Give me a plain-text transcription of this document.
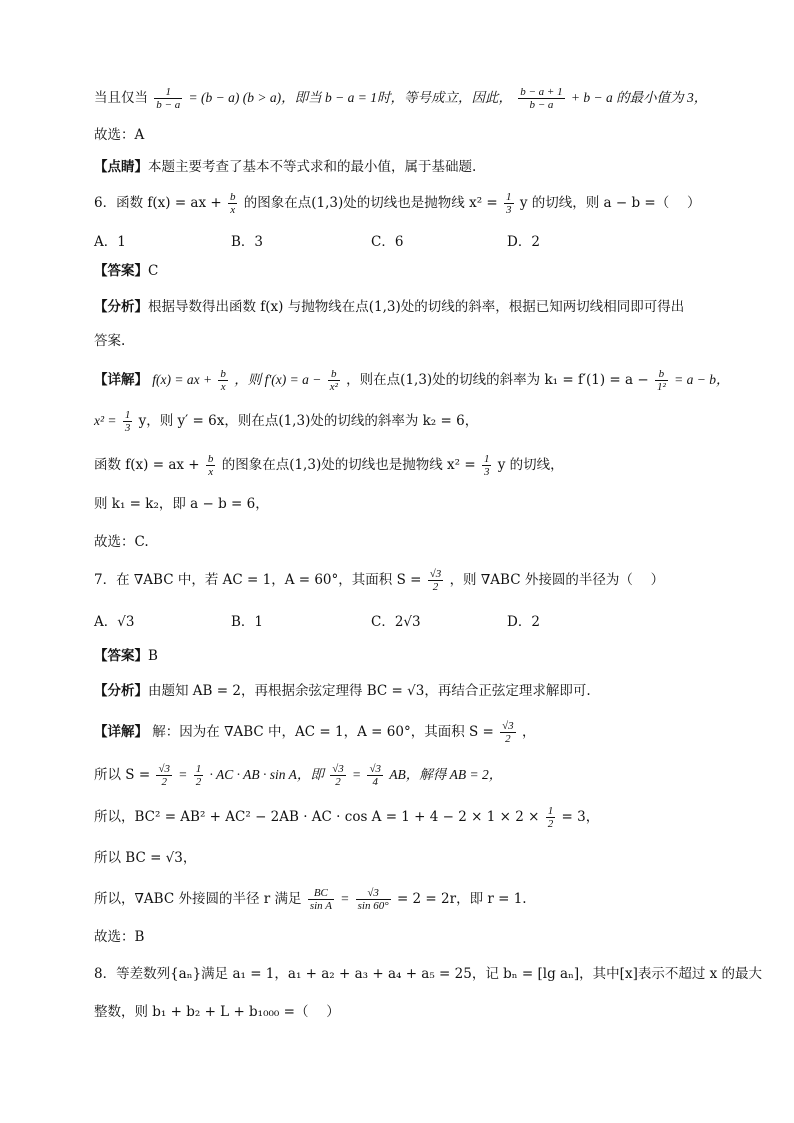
当且仅当 $\frac{1}{b - a} = (b - a) (b > a)$，即当 b − a = 1时，等号成立，因此， $\frac{b - a + 1}{b - a} + b - a$ 的最小值为 3，
故选：A
【点睛】本题主要考查了基本不等式求和的最小值，属于基础题.
6．函数 f(x) = ax + $\frac{b}{x}$ 的图象在点(1,3)处的切线也是抛物线 $x^2 = \frac{1}{3}$ y 的切线，则 a − b =（　 ）
A．1	B．3	C．6	D．2
【答案】C
【分析】根据导数得出函数 f(x) 与抛物线在点(1,3)处的切线的斜率，根据已知两切线相同即可得出
答案.
【详解】 f(x) = ax + $\frac{b}{x}$ ，则 $f'(x) = a - \frac{b}{\text{x²}}$ ，则在点(1,3)处的切线的斜率为 $k_1 = f'(1) = a - \frac{b}{\text{1²}} = a - b$，
$x^2 = \frac{1}{3}$ y，则 y′ = 6x，则在点(1,3)处的切线的斜率为 k₂ = 6，
函数 f(x) = ax + $\frac{b}{x}$ 的图象在点(1,3)处的切线也是抛物线 $x^2 = \frac{1}{3}$ y 的切线，
则 k₁ = k₂，即 a − b = 6，
故选：C.
7．在 ∇ABC 中，若 AC = 1，A = 60°，其面积 $S = \frac{√3}{2}$ ，则 ∇ABC 外接圆的半径为（　 ）
A．√3	B．1	C．2√3	D．2
【答案】B
【分析】由题知 AB = 2，再根据余弦定理得 BC = √3，再结合正弦定理求解即可.
【详解】 解：因为在 ∇ABC 中，AC = 1，A = 60°，其面积 $S = \frac{√3}{2}$ ，
所以 $S = \frac{√3}{2} = \frac{1}{2}$ · AC · AB · sin A，即 $\frac{√3}{2} = \frac{√3}{4}$ AB，解得 AB = 2，
所以，BC² = AB² + AC² − 2AB · AC · $\cos A = 1 + 4 - 2 \times 1 \times 2 \times \frac{1}{2} = 3$，
所以 BC = √3，
所以，∇ABC 外接圆的半径 r 满足 $\frac{BC}{\text{sin A}} = \frac{√3}{\sin 60^\circ} = 2 = 2r$，即 r = 1.
故选：B
8．等差数列{aₙ}满足 a₁ = 1，a₁ + a₂ + a₃ + a₄ + a₅ = 25，记 bₙ = [lg aₙ]，其中[x]表示不超过 x 的最大
整数，则 b₁ + b₂ + L + b₁₀₀₀ =（　 ）
